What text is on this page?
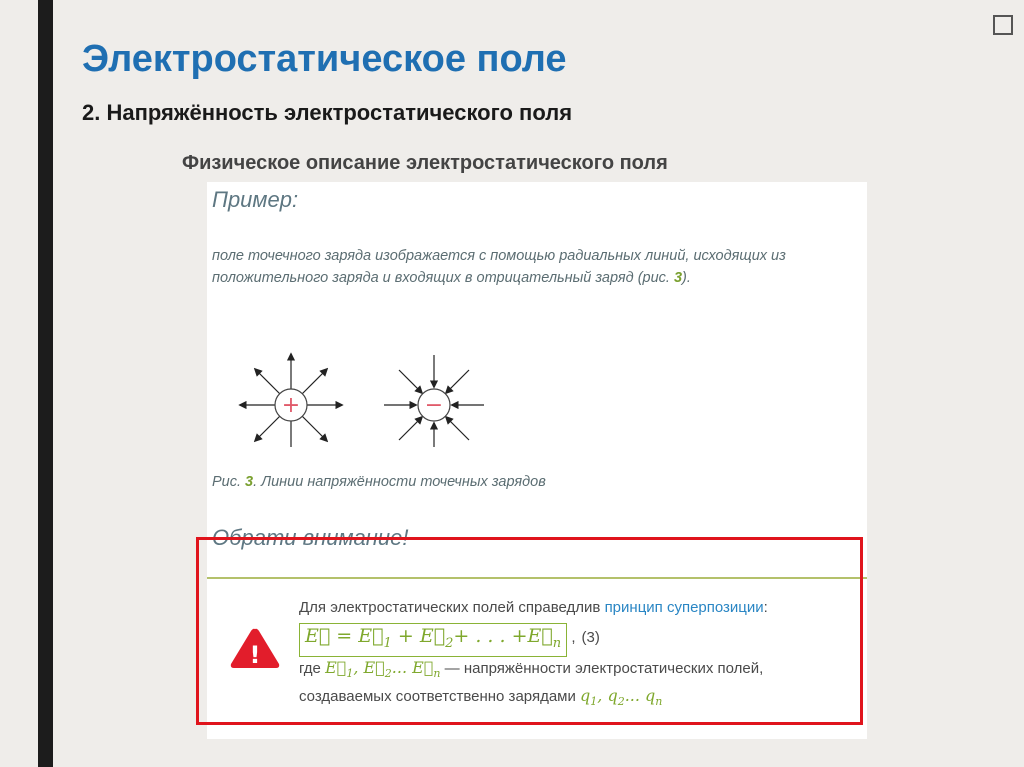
Электростатическое поле
2. Напряжённость электростатического поля
Физическое описание электростатического поля
Пример:
поле точечного заряда изображается с помощью радиальных линий, исходящих из положительного заряда и входящих в отрицательный заряд (рис. 3).
+	−
Рис. 3. Линии напряжённости точечных зарядов
Обрати внимание!
!
Для электростатических полей справедлив принцип суперпозиции:
E⃗ = $E⃗_1$ + $E⃗_2+$ . . . $+E⃗_n$ , (3)
где $E⃗_1$, $E⃗_2$... $E⃗_n$ — напряжённости электростатических полей,
создаваемых соответственно зарядами $q_1$, $q_2$... $q_n$
